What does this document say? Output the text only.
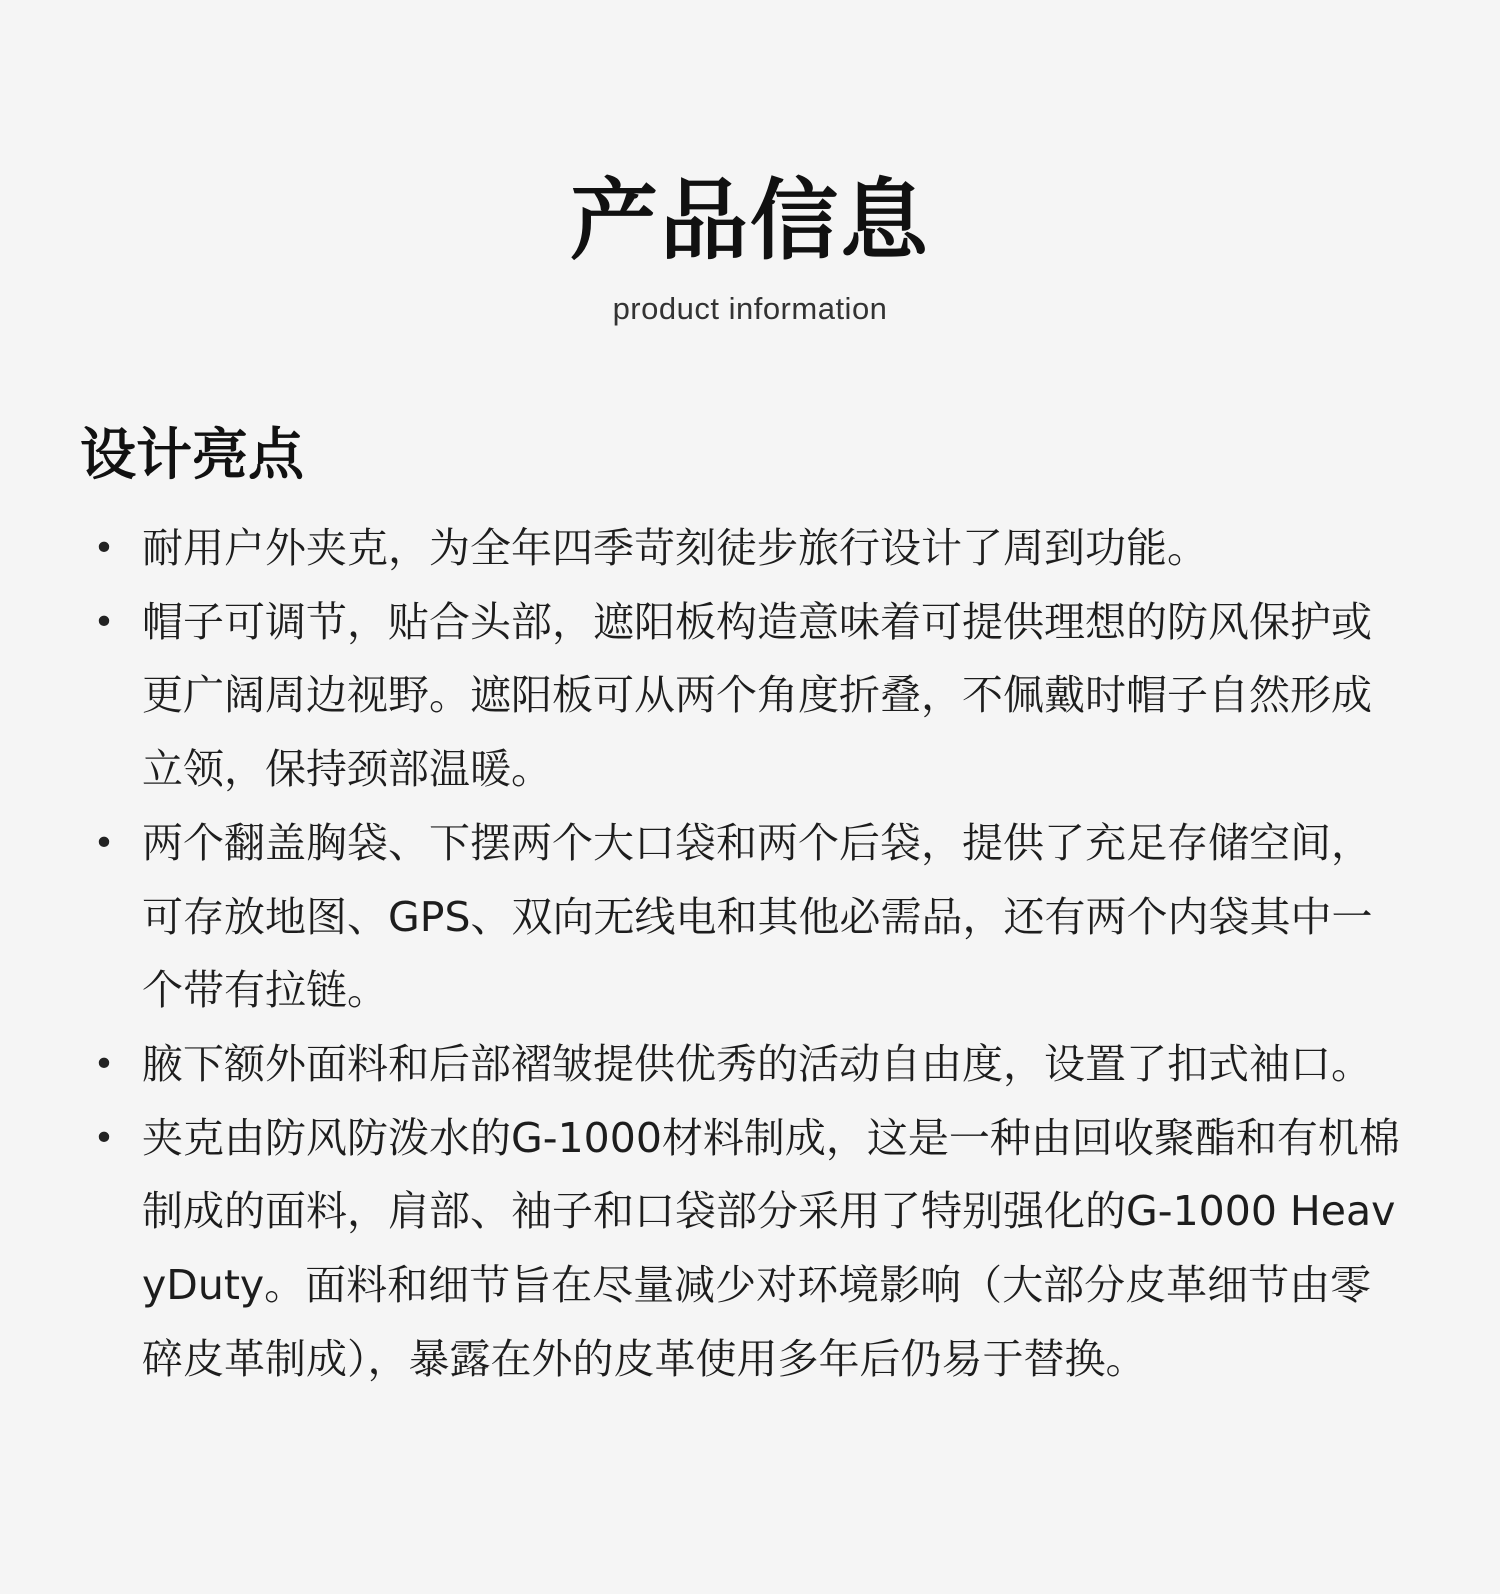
产品信息
product information
设计亮点
• 耐用户外夹克，为全年四季苛刻徒步旅行设计了周到功能。
• 帽子可调节，贴合头部，遮阳板构造意味着可提供理想的防风保护或更广阔周边视野。遮阳板可从两个角度折叠，不佩戴时帽子自然形成立领，保持颈部温暖。
• 两个翻盖胸袋、下摆两个大口袋和两个后袋，提供了充足存储空间，可存放地图、GPS、双向无线电和其他必需品，还有两个内袋其中一个带有拉链。
• 腋下额外面料和后部褶皱提供优秀的活动自由度，设置了扣式袖口。
• 夹克由防风防泼水的G-1000材料制成，这是一种由回收聚酯和有机棉制成的面料，肩部、袖子和口袋部分采用了特别强化的G-1000 HeavyDuty。面料和细节旨在尽量减少对环境影响（大部分皮革细节由零碎皮革制成），暴露在外的皮革使用多年后仍易于替换。
